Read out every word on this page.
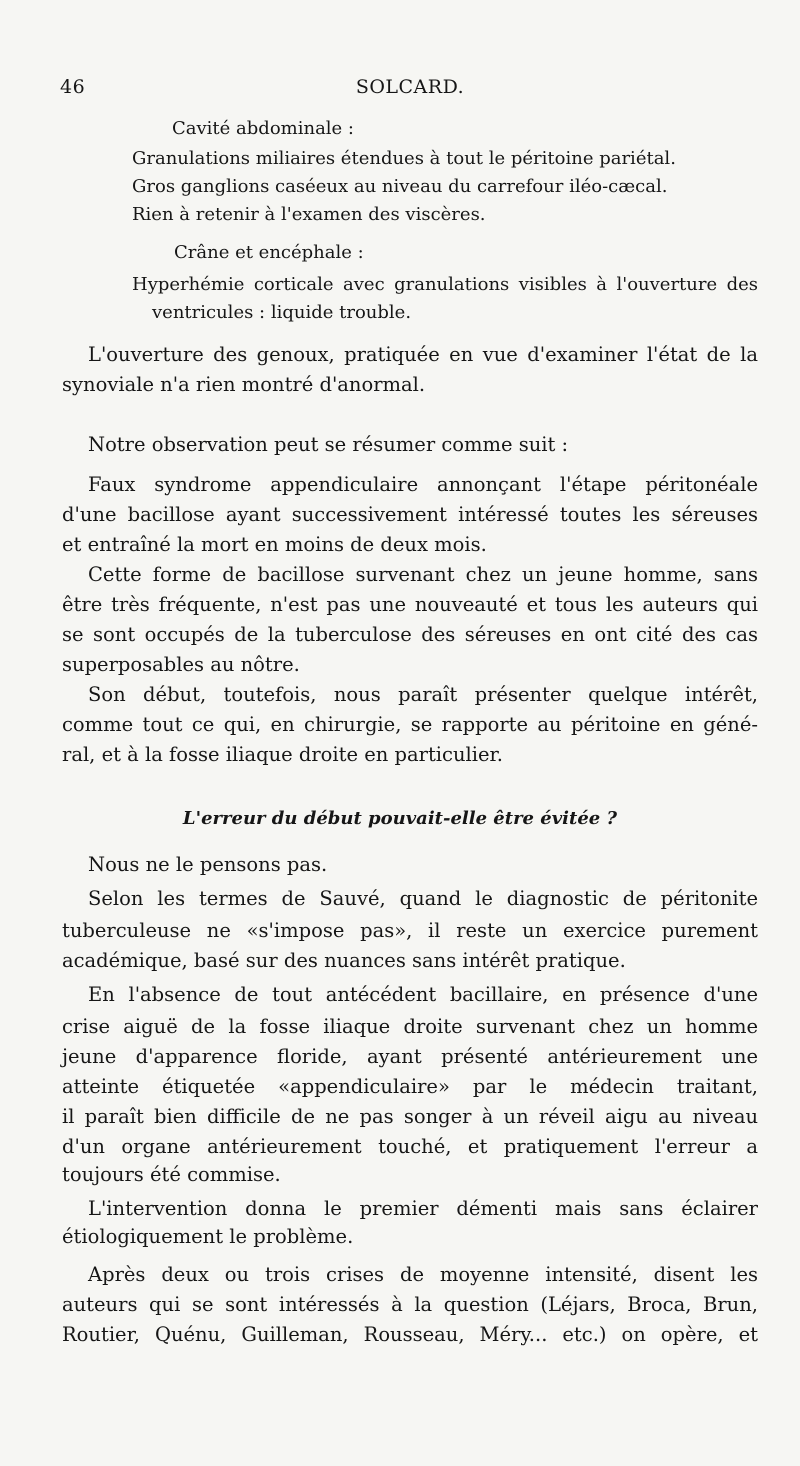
46	SOLCARD.
Cavité abdominale :
Granulations miliaires étendues à tout le péritoine pariétal.
Gros ganglions caséeux au niveau du carrefour iléo-cæcal.
Rien à retenir à l'examen des viscères.
Crâne et encéphale :
Hyperhémie corticale avec granulations visibles à l'ouverture des
ventricules : liquide trouble.
L'ouverture des genoux, pratiquée en vue d'examiner l'état de la
synoviale n'a rien montré d'anormal.
Notre observation peut se résumer comme suit :
Faux syndrome appendiculaire annonçant l'étape péritonéale
d'une bacillose ayant successivement intéressé toutes les séreuses
et entraîné la mort en moins de deux mois.
Cette forme de bacillose survenant chez un jeune homme, sans
être très fréquente, n'est pas une nouveauté et tous les auteurs qui
se sont occupés de la tuberculose des séreuses en ont cité des cas
superposables au nôtre.
Son début, toutefois, nous paraît présenter quelque intérêt,
comme tout ce qui, en chirurgie, se rapporte au péritoine en géné-
ral, et à la fosse iliaque droite en particulier.
L'erreur du début pouvait-elle être évitée ?
Nous ne le pensons pas.
Selon les termes de Sauvé, quand le diagnostic de péritonite
tuberculeuse ne «s'impose pas», il reste un exercice purement
académique, basé sur des nuances sans intérêt pratique.
En l'absence de tout antécédent bacillaire, en présence d'une
crise aiguë de la fosse iliaque droite survenant chez un homme
jeune d'apparence floride, ayant présenté antérieurement une
atteinte étiquetée «appendiculaire» par le médecin traitant,
il paraît bien difficile de ne pas songer à un réveil aigu au niveau
d'un organe antérieurement touché, et pratiquement l'erreur a
toujours été commise.
L'intervention donna le premier démenti mais sans éclairer
étiologiquement le problème.
Après deux ou trois crises de moyenne intensité, disent les
auteurs qui se sont intéressés à la question (Léjars, Broca, Brun,
Routier, Quénu, Guilleman, Rousseau, Méry... etc.) on opère, et
